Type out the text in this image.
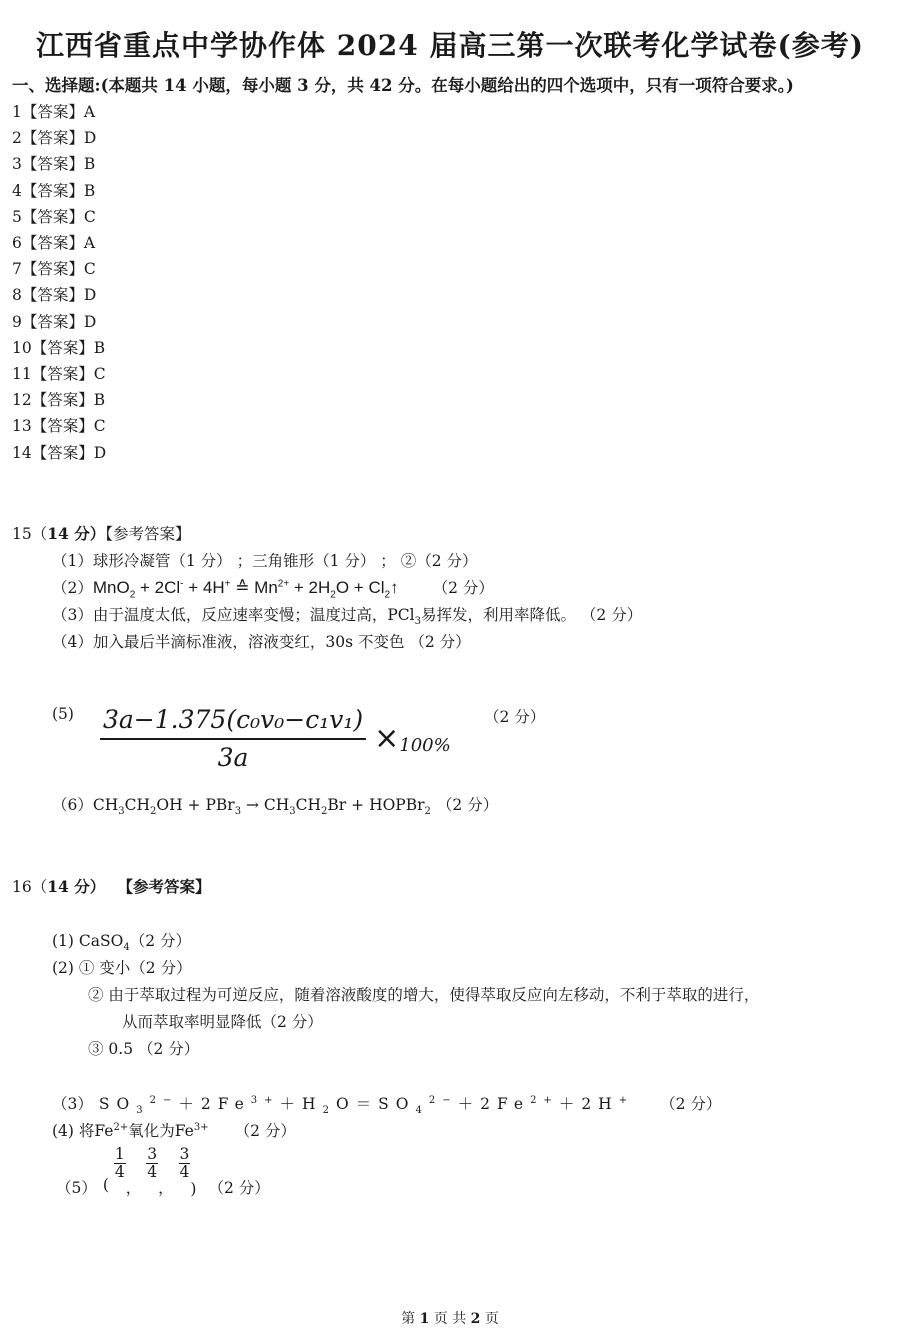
江西省重点中学协作体 2024 届高三第一次联考化学试卷(参考)
一、选择题:(本题共 14 小题，每小题 3 分，共 42 分。在每小题给出的四个选项中，只有一项符合要求。)
1【答案】A
2【答案】D
3【答案】B
4【答案】B
5【答案】C
6【答案】A
7【答案】C
8【答案】D
9【答案】D
10【答案】B
11【答案】C
12【答案】B
13【答案】C
14【答案】D
15（14 分）【参考答案】
（1）球形冷凝管（1 分） ；三角锥形（1 分） ； ②（2 分）
（2）MnO$_2$ + 2Cl- + 4H+ ≙ $Mn^{2+} + 2H_2O$ + $Cl_2↑$ （2 分）
（3）由于温度太低，反应速率变慢；温度过高，PCl$_3$易挥发，利用率降低。 （2 分）
（4）加入最后半滴标准液，溶液变红，30s 不变色 （2 分）
$(5) \frac{\text{3a−1.375(c₀v₀−c₁v₁)}}{3a} \times 100\%$
（2 分）
$(6)CH_3CH_2OH + PBr_3 \to CH_3CH_2Br$ + HOPBr$_2$ （2 分）
16（14 分） 【参考答案】
(1) CaSO$_4$（2 分）
(2) ① 变小（2 分）
② 由于萃取过程为可逆反应，随着溶液酸度的增大，使得萃取反应向左移动，不利于萃取的进行，
从而萃取率明显降低（2 分）
③ 0.5 （2 分）
（3） $SO_3^{2-}+2Fe^{3+}+H_2O=SO_4^{2-}+2Fe^{2+}+2H^+$ （2 分）
(4) 将$Fe^{2+}$氧化为$Fe^{3+}$ （2 分）
（5） (
$\frac{1}{4}$
，
$\frac{3}{4}$
，
$\frac{3}{4}$
) （2 分）
第 1 页 共 2 页
